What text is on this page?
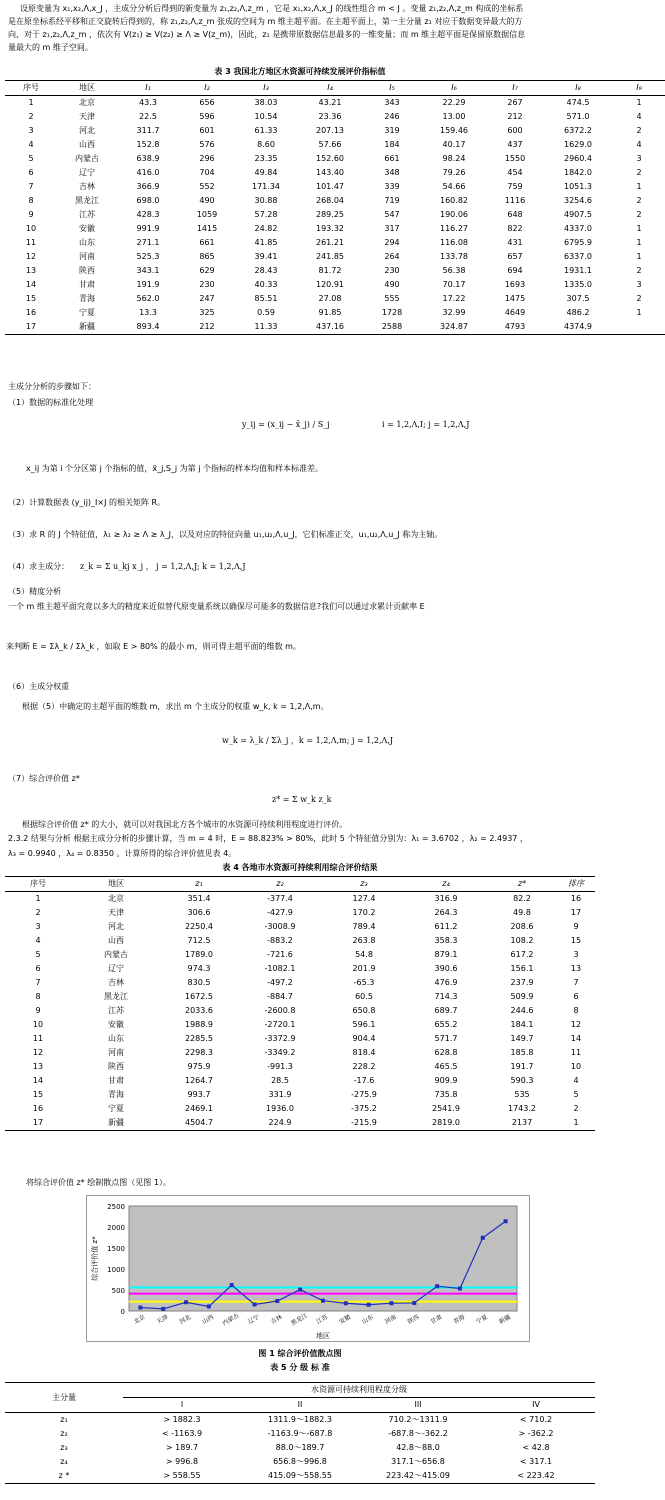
设原变量为 x₁,x₂,Λ,x_J ，主成分分析后得到的新变量为 z₁,z₂,Λ,z_m ，它是 x₁,x₂,Λ,x_J 的线性组合 m < J 。变量 z₁,z₂,Λ,z_m 构成的坐标系
是在原坐标系经平移和正交旋转后得到的，称 z₁,z₂,Λ,z_m 张成的空间为 m 维主超平面。在主超平面上，第一主分量 z₁ 对应于数据变异最大的方
向，对于 z₁,z₂,Λ,z_m ，依次有 V(z₁) ≥ V(z₂) ≥ Λ ≥ V(z_m)，因此，z₁ 是携带原数据信息最多的一维变量；而 m 维主超平面是保留原数据信息
量最大的 m 维子空间。
表 3 我国北方地区水资源可持续发展评价指标值
序号	地区	I₁	I₂	I₃	I₄	I₅	I₆	I₇	I₈	I₉
1	北京	43.3	656	38.03	43.21	343	22.29	267	474.5	1
2	天津	22.5	596	10.54	23.36	246	13.00	212	571.0	4
3	河北	311.7	601	61.33	207.13	319	159.46	600	6372.2	2
4	山西	152.8	576	8.60	57.66	184	40.17	437	1629.0	4
5	内蒙古	638.9	296	23.35	152.60	661	98.24	1550	2960.4	3
6	辽宁	416.0	704	49.84	143.40	348	79.26	454	1842.0	2
7	吉林	366.9	552	171.34	101.47	339	54.66	759	1051.3	1
8	黑龙江	698.0	490	30.88	268.04	719	160.82	1116	3254.6	2
9	江苏	428.3	1059	57.28	289.25	547	190.06	648	4907.5	2
10	安徽	991.9	1415	24.82	193.32	317	116.27	822	4337.0	1
11	山东	271.1	661	41.85	261.21	294	116.08	431	6795.9	1
12	河南	525.3	865	39.41	241.85	264	133.78	657	6337.0	1
13	陕西	343.1	629	28.43	81.72	230	56.38	694	1931.1	2
14	甘肃	191.9	230	40.33	120.91	490	70.17	1693	1335.0	3
15	青海	562.0	247	85.51	27.08	555	17.22	1475	307.5	2
16	宁夏	13.3	325	0.59	91.85	1728	32.99	4649	486.2	1
17	新疆	893.4	212	11.33	437.16	2588	324.87	4793	4374.9	
主成分分析的步骤如下：
（1）数据的标准化处理
y_ij = (x_ij − x̄_j) / S_j	i = 1,2,Λ,I; j = 1,2,Λ,J
x_ij 为第 i 个分区第 j 个指标的值，x̄_j,S_j 为第 j 个指标的样本均值和样本标准差。
（2）计算数据表 (y_ij)_I×J 的相关矩阵 R。
（3）求 R 的 J 个特征值，λ₁ ≥ λ₂ ≥ Λ ≥ λ_J，以及对应的特征向量 u₁,u₂,Λ,u_J，它们标准正交，u₁,u₂,Λ,u_J 称为主轴。
（4）求主成分：	z_k = Σ u_kj x_j ， j = 1,2,Λ,J; k = 1,2,Λ,J
（5）精度分析
一个 m 维主超平面究竟以多大的精度来近似替代原变量系统以确保尽可能多的数据信息?我们可以通过求累计贡献率 E
来判断 E = Σλ_k / Σλ_k ，如取 E > 80% 的最小 m，则可得主超平面的维数 m。
（6）主成分权重
根据（5）中确定的主超平面的维数 m，求出 m 个主成分的权重 w_k, k = 1,2,Λ,m。
w_k = λ_k / Σλ_j ，k = 1,2,Λ,m; j = 1,2,Λ,J
（7）综合评价值 z*
z* = Σ w_k z_k
根据综合评价值 z* 的大小，就可以对我国北方各个城市的水资源可持续利用程度进行评价。
2.3.2 结果与分析 根据主成分分析的步骤计算，当 m = 4 时，E = 88.823% > 80%，此时 5 个特征值分别为：λ₁ = 3.6702 ，λ₂ = 2.4937 ，
λ₃ = 0.9940 ，λ₄ = 0.8350 。计算所得的综合评价值见表 4。
表 4 各地市水资源可持续利用综合评价结果
序号	地区	z₁	z₂	z₃	z₄	z*	排序
1	北京	351.4	-377.4	127.4	316.9	82.2	16
2	天津	306.6	-427.9	170.2	264.3	49.8	17
3	河北	2250.4	-3008.9	789.4	611.2	208.6	9
4	山西	712.5	-883.2	263.8	358.3	108.2	15
5	内蒙古	1789.0	-721.6	54.8	879.1	617.2	3
6	辽宁	974.3	-1082.1	201.9	390.6	156.1	13
7	吉林	830.5	-497.2	-65.3	476.9	237.9	7
8	黑龙江	1672.5	-884.7	60.5	714.3	509.9	6
9	江苏	2033.6	-2600.8	650.8	689.7	244.6	8
10	安徽	1988.9	-2720.1	596.1	655.2	184.1	12
11	山东	2285.5	-3372.9	904.4	571.7	149.7	14
12	河南	2298.3	-3349.2	818.4	628.8	185.8	11
13	陕西	975.9	-991.3	228.2	465.5	191.7	10
14	甘肃	1264.7	28.5	-17.6	909.9	590.3	4
15	青海	993.7	331.9	-275.9	735.8	535	5
16	宁夏	2469.1	1936.0	-375.2	2541.9	1743.2	2
17	新疆	4504.7	224.9	-215.9	2819.0	2137	1
将综合评价值 z* 绘制散点图（见图 1）。
0
500
1000
1500
2000
2500
综合评价值 z*
北京 天津 河北 山西 内蒙古 辽宁 吉林 黑龙江 江苏 安徽 山东 河南 陕西 甘肃 青海 宁夏 新疆
地区
图 1 综合评价值散点图
表 5 分 级 标 准
主分量	水资源可持续利用程度分级			
	I	II	III	IV
z₁	> 1882.3	1311.9～1882.3	710.2～1311.9	< 710.2
z₂	< -1163.9	-1163.9～-687.8	-687.8～-362.2	> -362.2
z₃	> 189.7	88.0～189.7	42.8～88.0	< 42.8
z₄	> 996.8	656.8～996.8	317.1～656.8	< 317.1
z *	> 558.55	415.09～558.55	223.42～415.09	< 223.42
